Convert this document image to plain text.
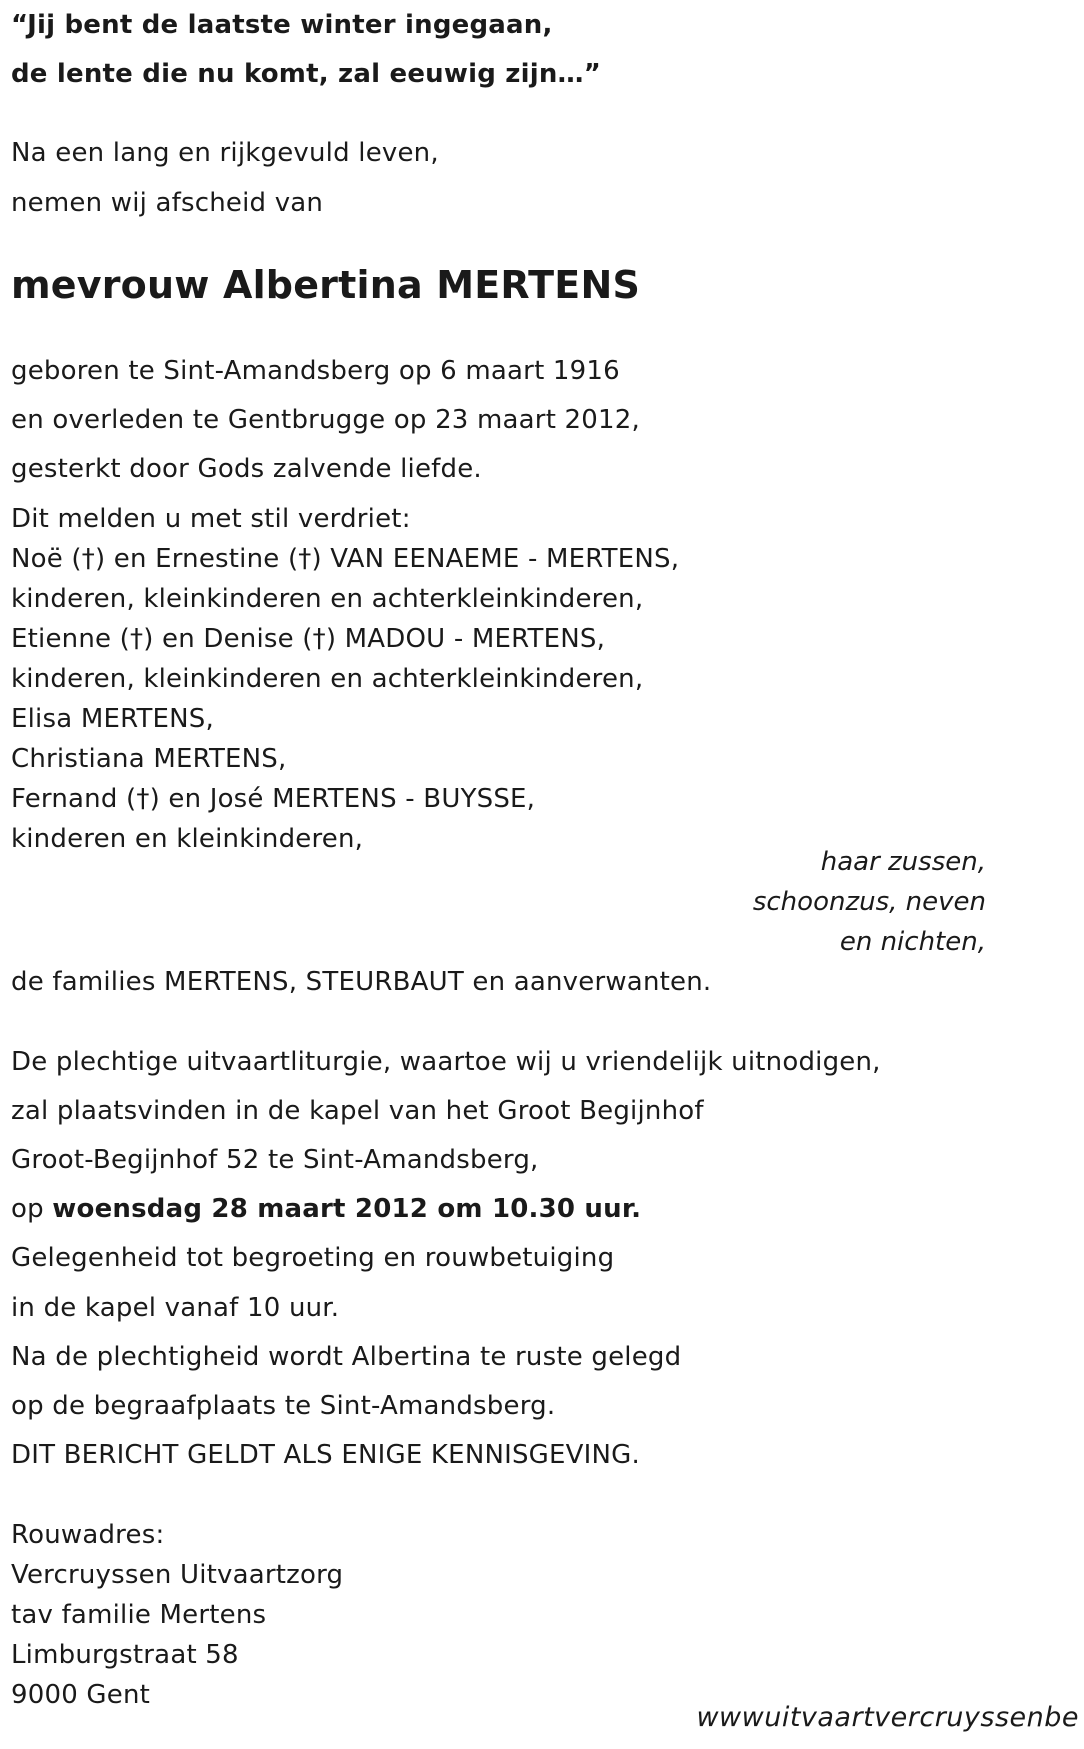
“Jij bent de laatste winter ingegaan,
de lente die nu komt, zal eeuwig zijn…”
Na een lang en rijkgevuld leven,
nemen wij afscheid van
mevrouw Albertina MERTENS
geboren te Sint-Amandsberg op 6 maart 1916
en overleden te Gentbrugge op 23 maart 2012,
gesterkt door Gods zalvende liefde.
Dit melden u met stil verdriet:
Noë (†) en Ernestine (†) VAN EENAEME - MERTENS,
kinderen, kleinkinderen en achterkleinkinderen,
Etienne (†) en Denise (†) MADOU - MERTENS,
kinderen, kleinkinderen en achterkleinkinderen,
Elisa MERTENS,
Christiana MERTENS,
Fernand (†) en José MERTENS - BUYSSE,
kinderen en kleinkinderen,
haar zussen,
schoonzus, neven
en nichten,
de families MERTENS, STEURBAUT en aanverwanten.
De plechtige uitvaartliturgie, waartoe wij u vriendelijk uitnodigen,
zal plaatsvinden in de kapel van het Groot Begijnhof
Groot-Begijnhof 52 te Sint-Amandsberg,
op woensdag 28 maart 2012 om 10.30 uur.
Gelegenheid tot begroeting en rouwbetuiging
in de kapel vanaf 10 uur.
Na de plechtigheid wordt Albertina te ruste gelegd
op de begraafplaats te Sint-Amandsberg.
DIT BERICHT GELDT ALS ENIGE KENNISGEVING.
Rouwadres:
Vercruyssen Uitvaartzorg
tav familie Mertens
Limburgstraat 58
9000 Gent
wwwuitvaartvercruyssenbe
